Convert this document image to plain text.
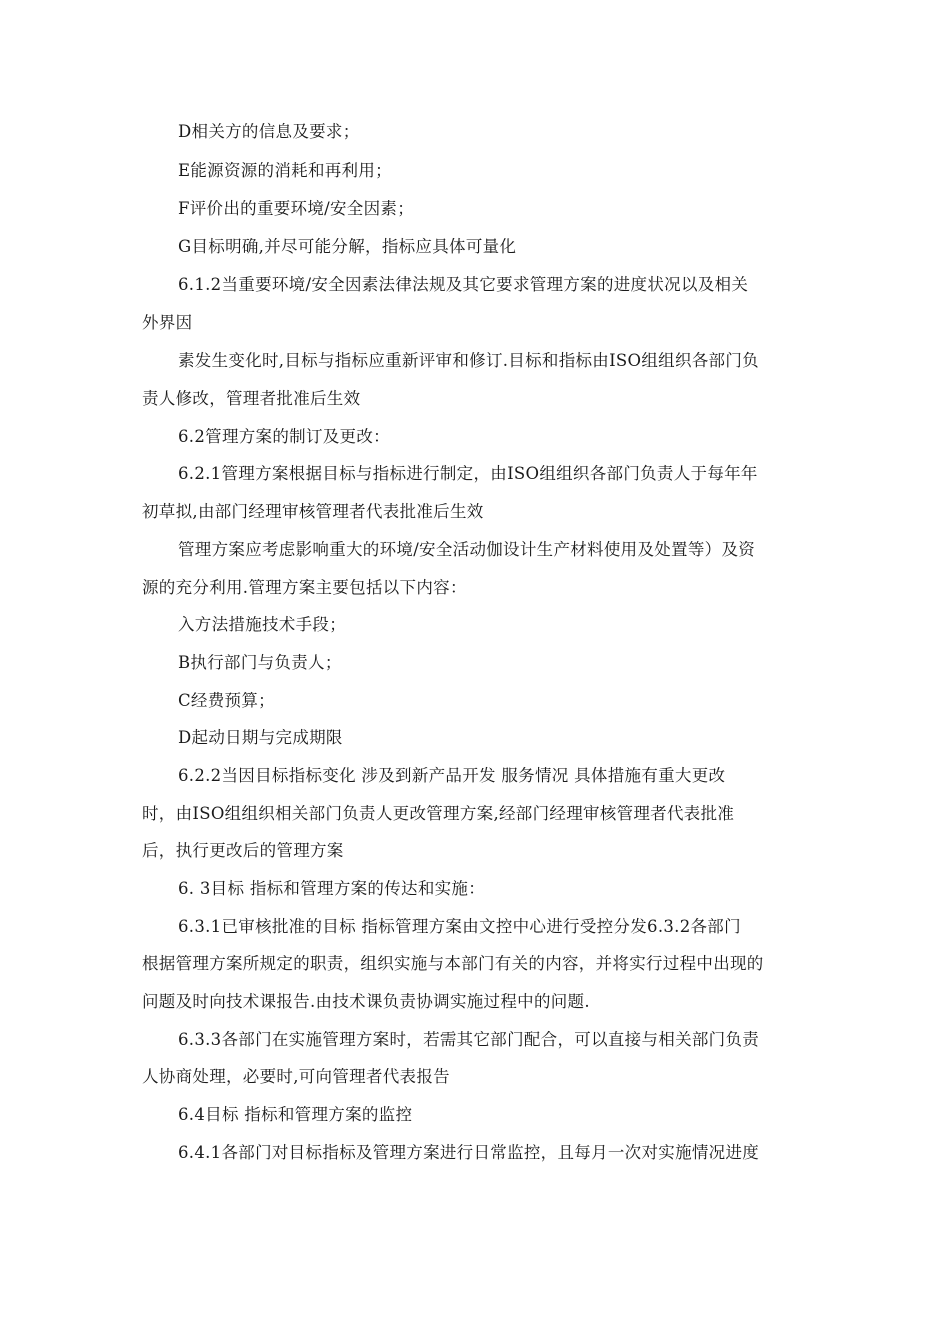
D相关方的信息及要求；
E能源资源的消耗和再利用；
F评价出的重要环境/安全因素；
G目标明确,并尽可能分解，指标应具体可量化
6.1.2当重要环境/安全因素法律法规及其它要求管理方案的进度状况以及相关
外界因
素发生变化时,目标与指标应重新评审和修订.目标和指标由ISO组组织各部门负
责人修改，管理者批准后生效
6.2管理方案的制订及更改：
6.2.1管理方案根据目标与指标进行制定，由ISO组组织各部门负责人于每年年
初草拟,由部门经理审核管理者代表批准后生效
管理方案应考虑影响重大的环境/安全活动伽设计生产材料使用及处置等）及资
源的充分利用.管理方案主要包括以下内容：
入方法措施技术手段；
B执行部门与负责人；
C经费预算；
D起动日期与完成期限
6.2.2当因目标指标变化 涉及到新产品开发 服务情况 具体措施有重大更改
时，由ISO组组织相关部门负责人更改管理方案,经部门经理审核管理者代表批准
后，执行更改后的管理方案
6. 3目标 指标和管理方案的传达和实施：
6.3.1已审核批准的目标 指标管理方案由文控中心进行受控分发6.3.2各部门
根据管理方案所规定的职责，组织实施与本部门有关的内容，并将实行过程中出现的
问题及时向技术课报告.由技术课负责协调实施过程中的问题.
6.3.3各部门在实施管理方案时，若需其它部门配合，可以直接与相关部门负责
人协商处理，必要时,可向管理者代表报告
6.4目标 指标和管理方案的监控
6.4.1各部门对目标指标及管理方案进行日常监控，且每月一次对实施情况进度
